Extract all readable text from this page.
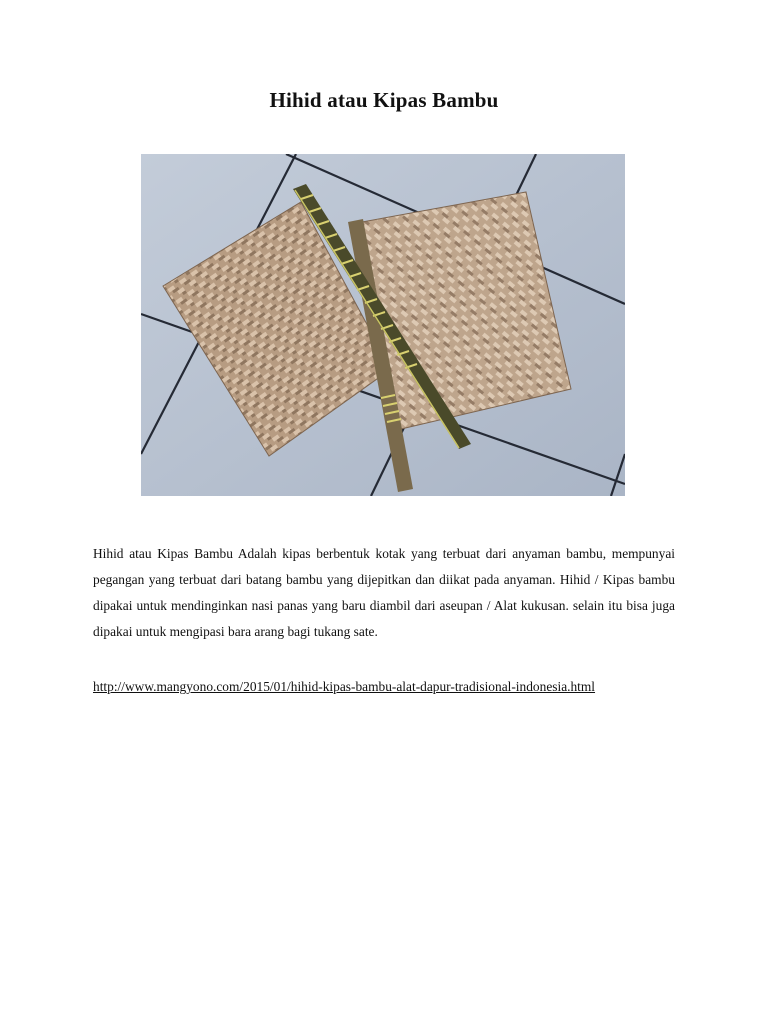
Hihid atau Kipas Bambu

Hihid atau Kipas Bambu Adalah kipas berbentuk kotak yang terbuat dari anyaman bambu, mempunyai pegangan yang terbuat dari batang bambu yang dijepitkan dan diikat pada anyaman. Hihid / Kipas bambu dipakai untuk mendinginkan nasi panas yang baru diambil dari aseupan / Alat kukusan. selain itu bisa juga dipakai untuk mengipasi bara arang bagi tukang sate.

http://www.mangyono.com/2015/01/hihid-kipas-bambu-alat-dapur-tradisional-indonesia.html
